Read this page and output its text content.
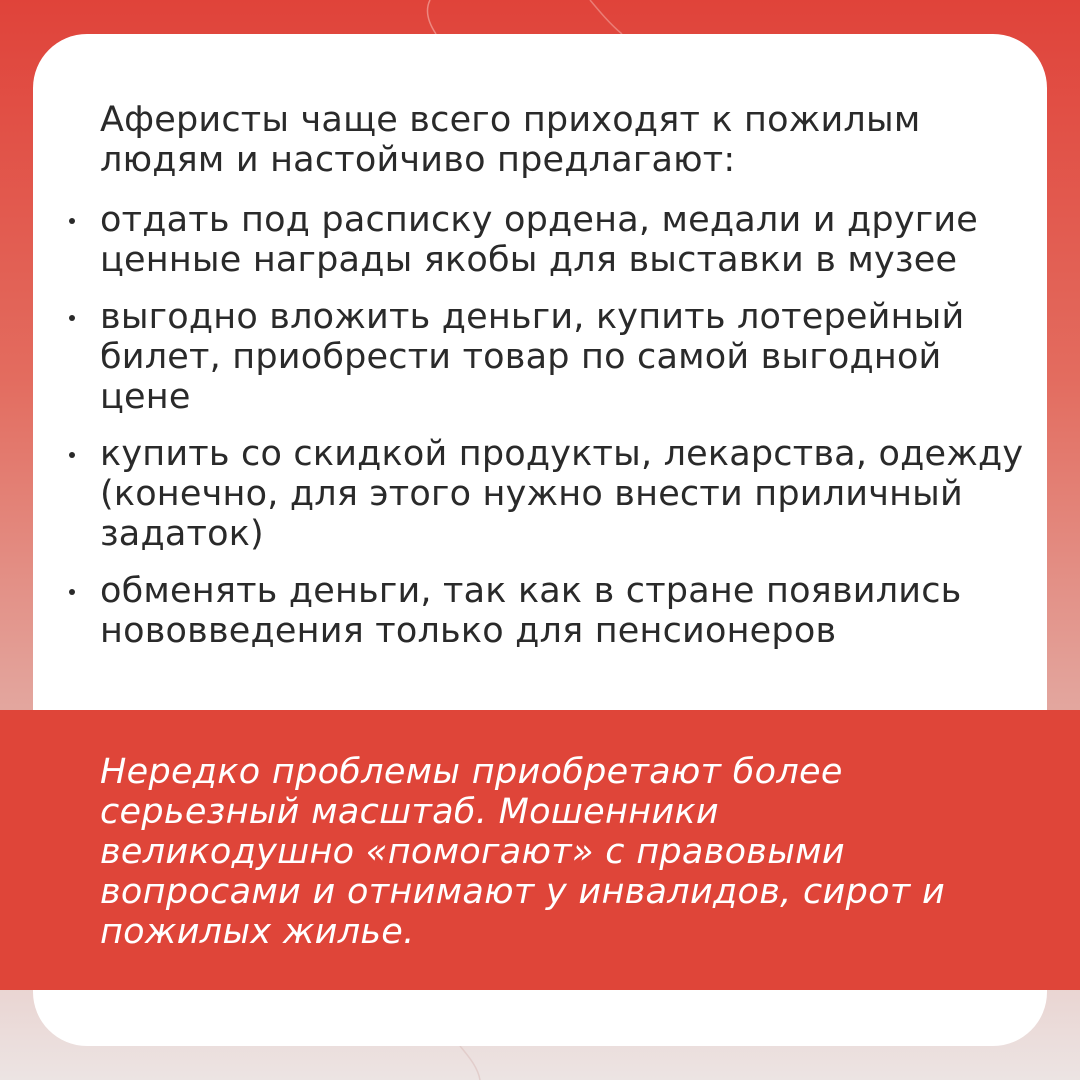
Аферисты чаще всего приходят к пожилым людям и настойчиво предлагают:
отдать под расписку ордена, медали и другие ценные награды якобы для выставки в музее
выгодно вложить деньги, купить лотерейный билет, приобрести товар по самой выгодной цене
купить со скидкой продукты, лекарства, одежду (конечно, для этого нужно внести приличный задаток)
обменять деньги, так как в стране появились нововведения только для пенсионеров
Нередко проблемы приобретают более серьезный масштаб. Мошенники великодушно «помогают» с правовыми вопросами и отнимают у инвалидов, сирот и пожилых жилье.
